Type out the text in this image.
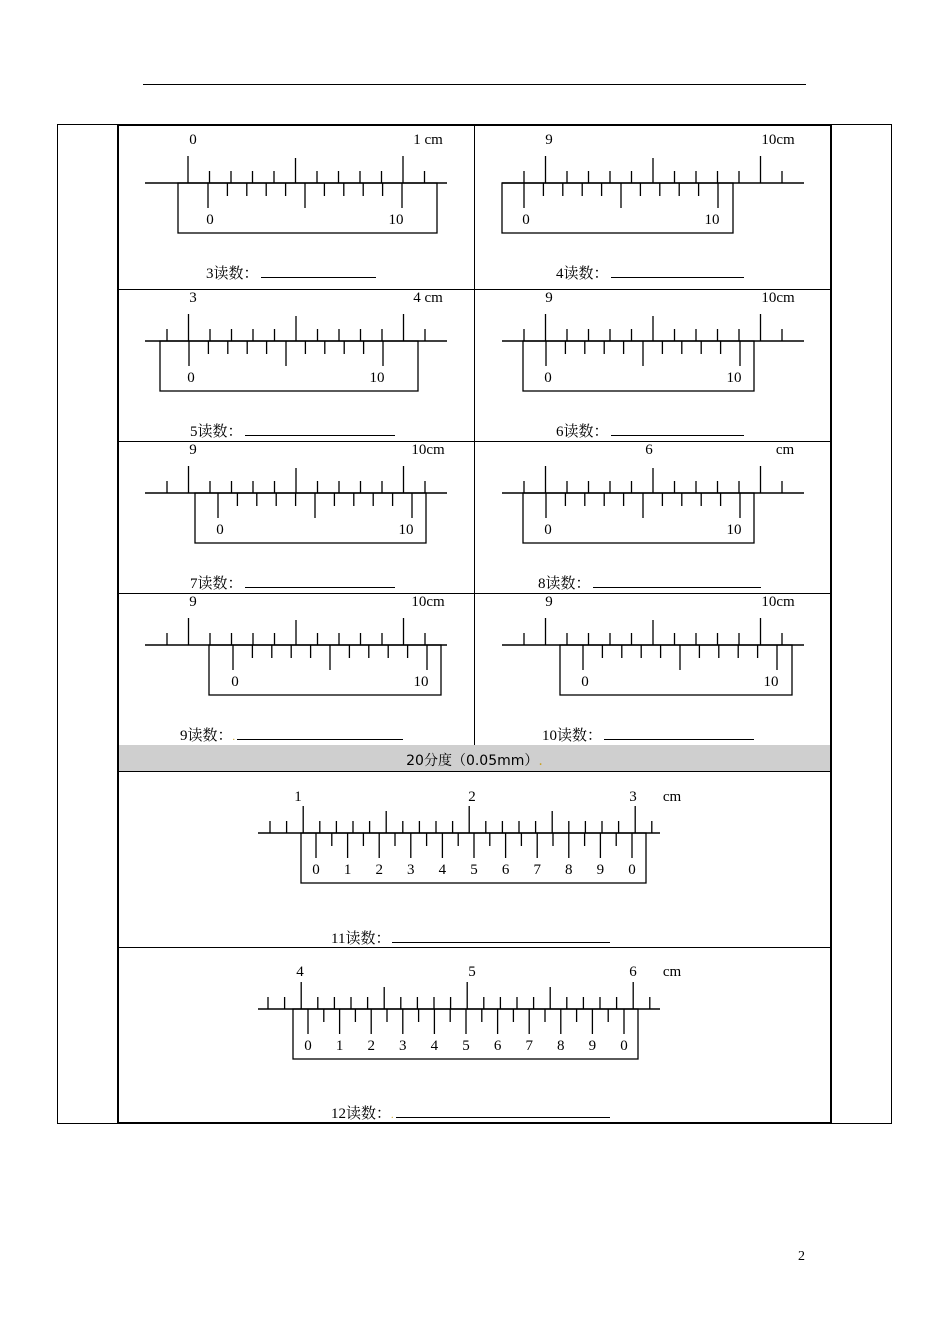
20分度（0.05mm）.
0	10
0	1 cm
0	10
9	10cm
0	10
3	4 cm
0	10
9	10cm
0	10
9	10cm
0	10
6	cm
0	10
9	10cm
0	10
9	10cm
0 1 2 3 4 5 6 7 8 9 0
1	2	3 cm
0 1 2 3 4 5 6 7 8 9 0
4	5	6 cm
3读数：	4读数：
5读数：	6读数：
7读数：	8读数：
9读数：.	10读数：
11读数：
12读数：.
2
